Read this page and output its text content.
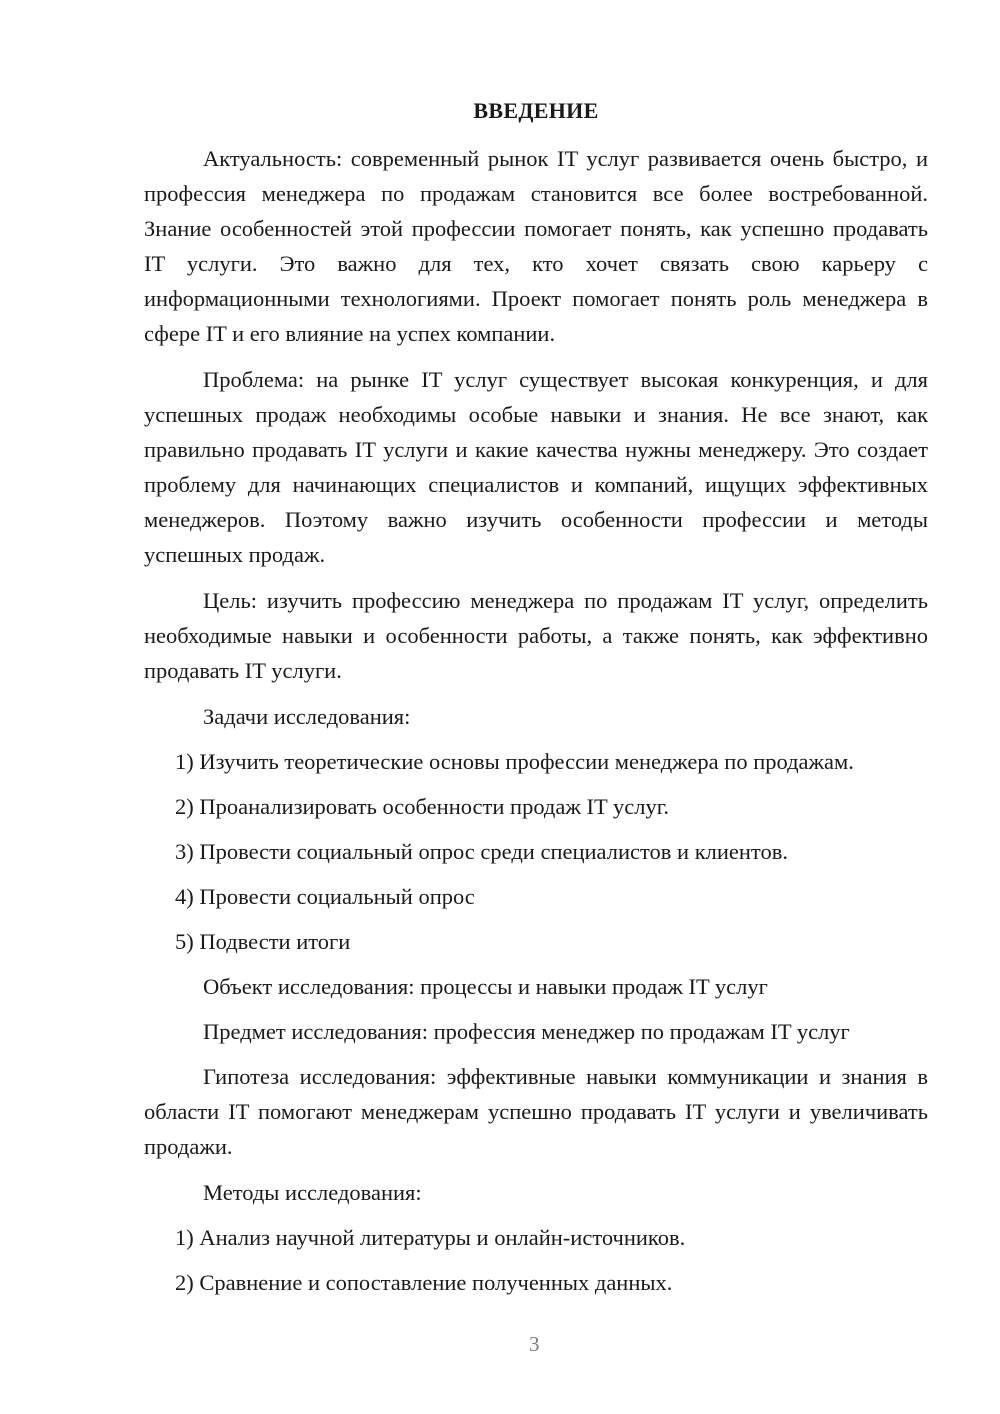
ВВЕДЕНИЕ

Актуальность: современный рынок IT услуг развивается очень быстро, и профессия менеджера по продажам становится все более востребованной. Знание особенностей этой профессии помогает понять, как успешно продавать IT услуги. Это важно для тех, кто хочет связать свою карьеру с информационными технологиями. Проект помогает понять роль менеджера в сфере IT и его влияние на успех компании.

Проблема: на рынке IT услуг существует высокая конкуренция, и для успешных продаж необходимы особые навыки и знания. Не все знают, как правильно продавать IT услуги и какие качества нужны менеджеру. Это создает проблему для начинающих специалистов и компаний, ищущих эффективных менеджеров. Поэтому важно изучить особенности профессии и методы успешных продаж.

Цель: изучить профессию менеджера по продажам IT услуг, определить необходимые навыки и особенности работы, а также понять, как эффективно продавать IT услуги.

Задачи исследования:
1) Изучить теоретические основы профессии менеджера по продажам.
2) Проанализировать особенности продаж IT услуг.
3) Провести социальный опрос среди специалистов и клиентов.
4) Провести социальный опрос
5) Подвести итоги
Объект исследования: процессы и навыки продаж IT услуг
Предмет исследования: профессия менеджер по продажам IT услуг

Гипотеза исследования: эффективные навыки коммуникации и знания в области IT помогают менеджерам успешно продавать IT услуги и увеличивать продажи.

Методы исследования:
1) Анализ научной литературы и онлайн-источников.
2) Сравнение и сопоставление полученных данных.
3
